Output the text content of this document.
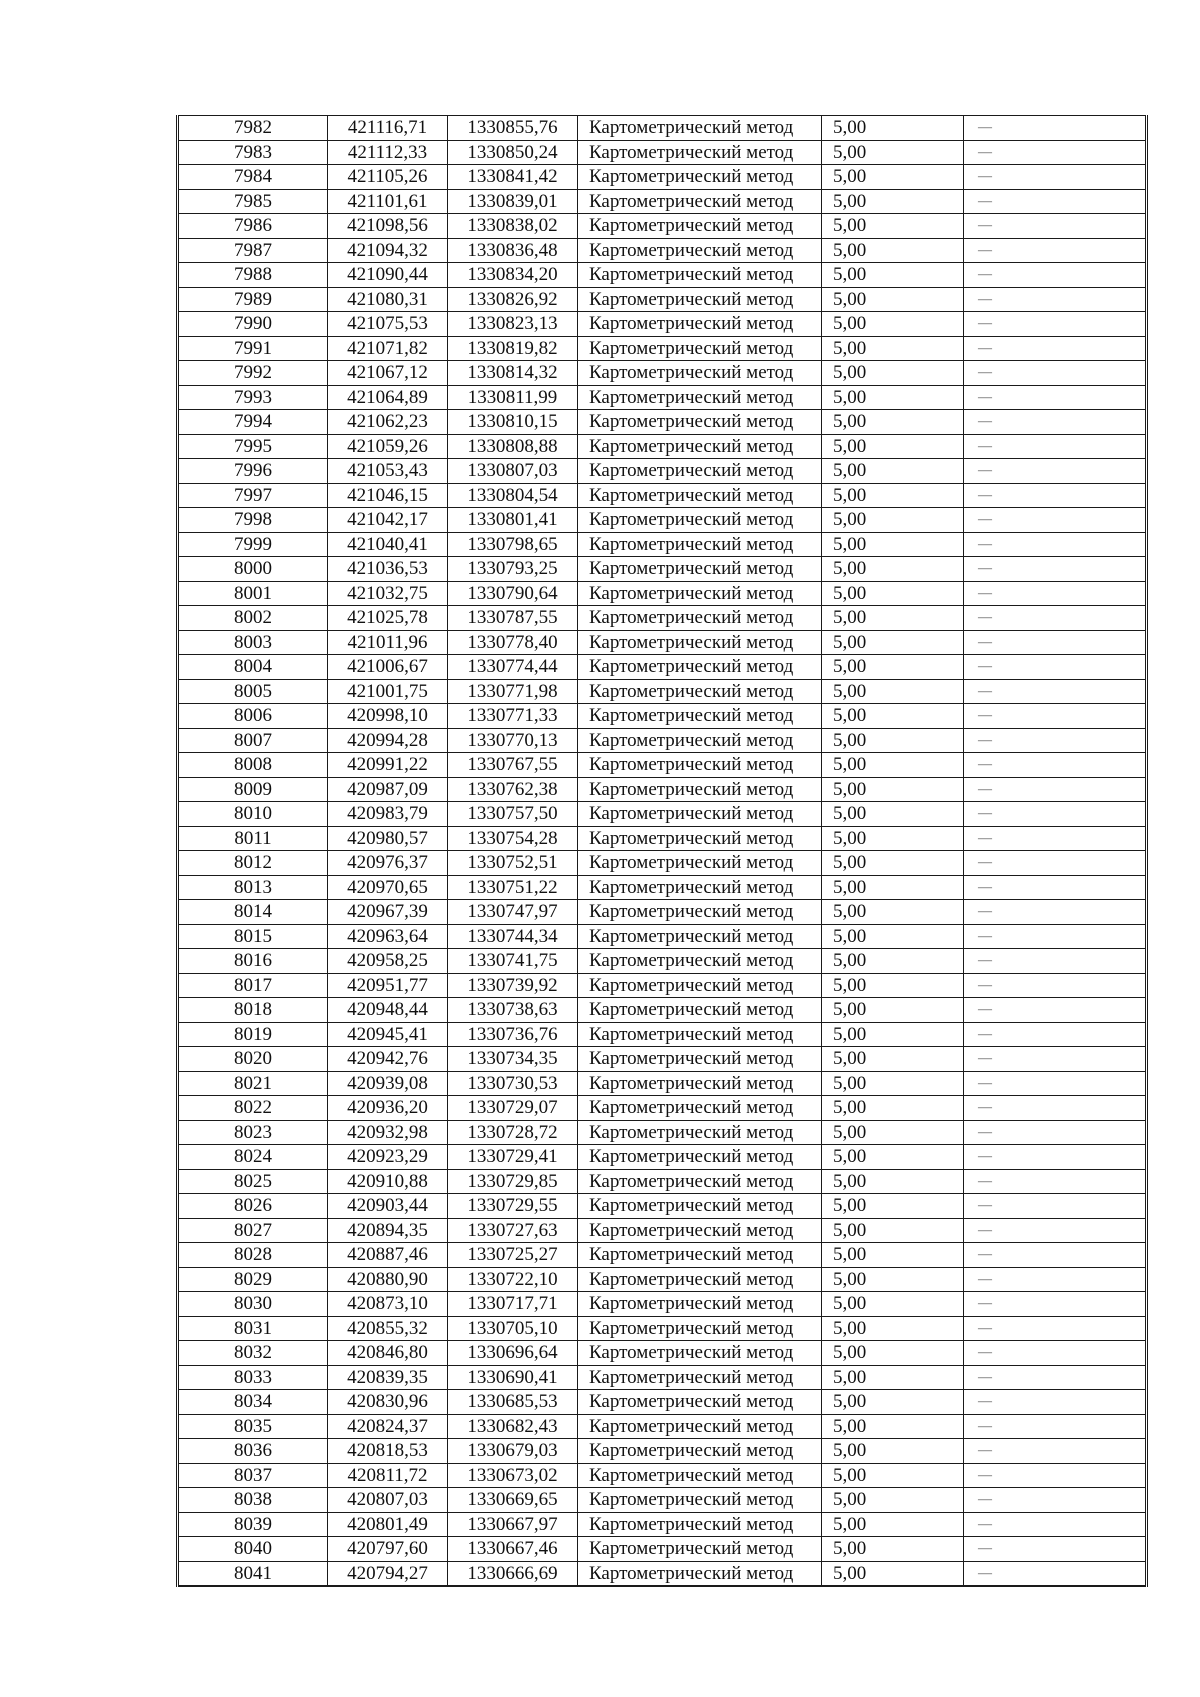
7982	421116,71	1330855,76	Картометрический метод	5,00	—
7983	421112,33	1330850,24	Картометрический метод	5,00	—
7984	421105,26	1330841,42	Картометрический метод	5,00	—
7985	421101,61	1330839,01	Картометрический метод	5,00	—
7986	421098,56	1330838,02	Картометрический метод	5,00	—
7987	421094,32	1330836,48	Картометрический метод	5,00	—
7988	421090,44	1330834,20	Картометрический метод	5,00	—
7989	421080,31	1330826,92	Картометрический метод	5,00	—
7990	421075,53	1330823,13	Картометрический метод	5,00	—
7991	421071,82	1330819,82	Картометрический метод	5,00	—
7992	421067,12	1330814,32	Картометрический метод	5,00	—
7993	421064,89	1330811,99	Картометрический метод	5,00	—
7994	421062,23	1330810,15	Картометрический метод	5,00	—
7995	421059,26	1330808,88	Картометрический метод	5,00	—
7996	421053,43	1330807,03	Картометрический метод	5,00	—
7997	421046,15	1330804,54	Картометрический метод	5,00	—
7998	421042,17	1330801,41	Картометрический метод	5,00	—
7999	421040,41	1330798,65	Картометрический метод	5,00	—
8000	421036,53	1330793,25	Картометрический метод	5,00	—
8001	421032,75	1330790,64	Картометрический метод	5,00	—
8002	421025,78	1330787,55	Картометрический метод	5,00	—
8003	421011,96	1330778,40	Картометрический метод	5,00	—
8004	421006,67	1330774,44	Картометрический метод	5,00	—
8005	421001,75	1330771,98	Картометрический метод	5,00	—
8006	420998,10	1330771,33	Картометрический метод	5,00	—
8007	420994,28	1330770,13	Картометрический метод	5,00	—
8008	420991,22	1330767,55	Картометрический метод	5,00	—
8009	420987,09	1330762,38	Картометрический метод	5,00	—
8010	420983,79	1330757,50	Картометрический метод	5,00	—
8011	420980,57	1330754,28	Картометрический метод	5,00	—
8012	420976,37	1330752,51	Картометрический метод	5,00	—
8013	420970,65	1330751,22	Картометрический метод	5,00	—
8014	420967,39	1330747,97	Картометрический метод	5,00	—
8015	420963,64	1330744,34	Картометрический метод	5,00	—
8016	420958,25	1330741,75	Картометрический метод	5,00	—
8017	420951,77	1330739,92	Картометрический метод	5,00	—
8018	420948,44	1330738,63	Картометрический метод	5,00	—
8019	420945,41	1330736,76	Картометрический метод	5,00	—
8020	420942,76	1330734,35	Картометрический метод	5,00	—
8021	420939,08	1330730,53	Картометрический метод	5,00	—
8022	420936,20	1330729,07	Картометрический метод	5,00	—
8023	420932,98	1330728,72	Картометрический метод	5,00	—
8024	420923,29	1330729,41	Картометрический метод	5,00	—
8025	420910,88	1330729,85	Картометрический метод	5,00	—
8026	420903,44	1330729,55	Картометрический метод	5,00	—
8027	420894,35	1330727,63	Картометрический метод	5,00	—
8028	420887,46	1330725,27	Картометрический метод	5,00	—
8029	420880,90	1330722,10	Картометрический метод	5,00	—
8030	420873,10	1330717,71	Картометрический метод	5,00	—
8031	420855,32	1330705,10	Картометрический метод	5,00	—
8032	420846,80	1330696,64	Картометрический метод	5,00	—
8033	420839,35	1330690,41	Картометрический метод	5,00	—
8034	420830,96	1330685,53	Картометрический метод	5,00	—
8035	420824,37	1330682,43	Картометрический метод	5,00	—
8036	420818,53	1330679,03	Картометрический метод	5,00	—
8037	420811,72	1330673,02	Картометрический метод	5,00	—
8038	420807,03	1330669,65	Картометрический метод	5,00	—
8039	420801,49	1330667,97	Картометрический метод	5,00	—
8040	420797,60	1330667,46	Картометрический метод	5,00	—
8041	420794,27	1330666,69	Картометрический метод	5,00	—
